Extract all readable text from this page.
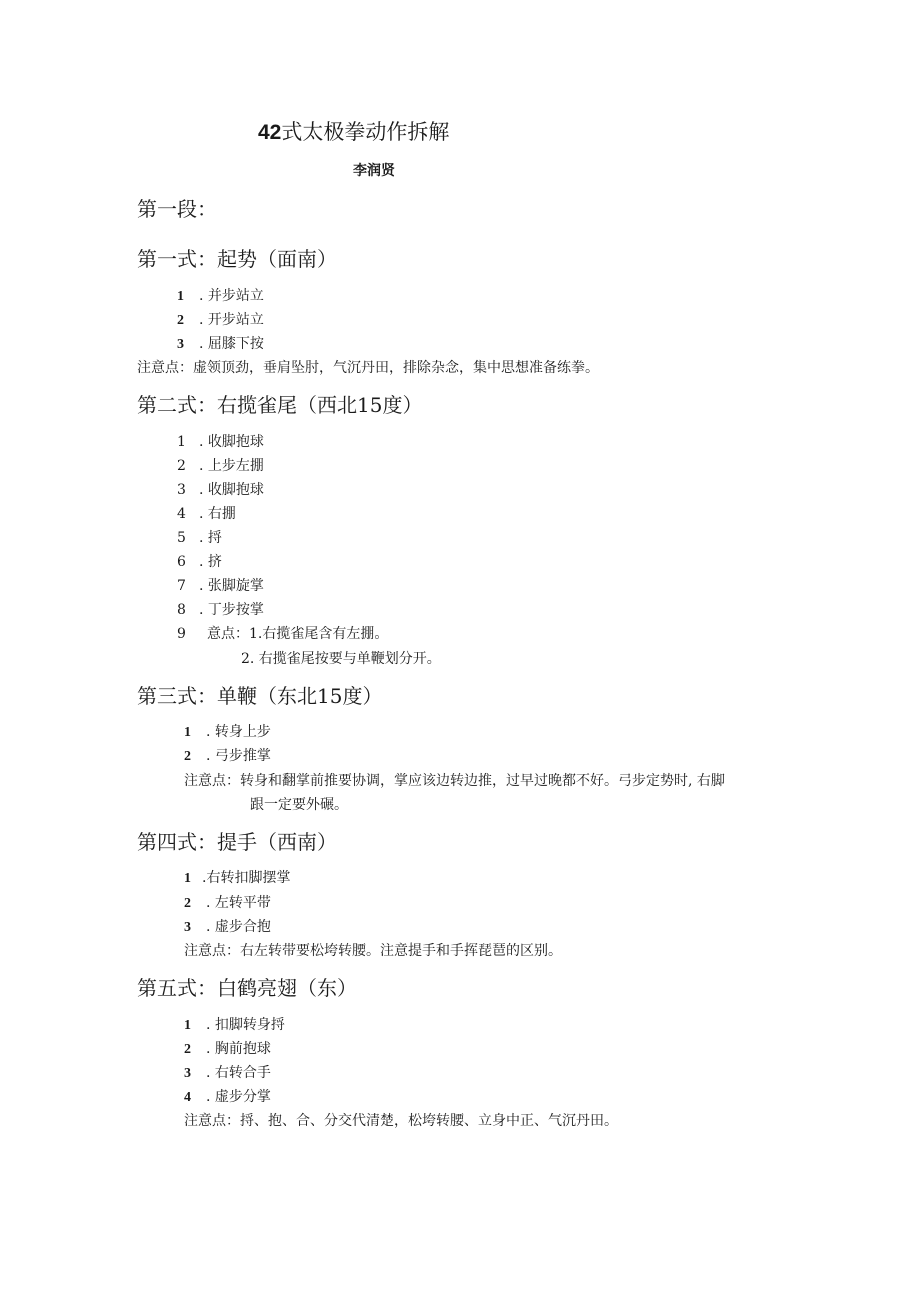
42式太极拳动作拆解
李润贤
第一段：
第一式：起势（面南）
1 . 并步站立
2 . 开步站立
3 . 屈膝下按
注意点：虚领顶劲，垂肩坠肘，气沉丹田，排除杂念，集中思想准备练拳。
第二式：右揽雀尾（西北15度）
1 . 收脚抱球
2 . 上步左掤
3 . 收脚抱球
4 . 右掤
5 . 捋
6 . 挤
7 . 张脚旋掌
8 . 丁步按掌
9 意点：1.右揽雀尾含有左掤。
2. 右揽雀尾按要与单鞭划分开。
第三式：单鞭（东北15度）
1 . 转身上步
2 . 弓步推掌
注意点：转身和翻掌前推要协调，掌应该边转边推，过早过晚都不好。弓步定势时, 右脚
跟一定要外碾。
第四式：提手（西南）
1 .右转扣脚摆掌
2 . 左转平带
3 . 虚步合抱
注意点：右左转带要松垮转腰。注意提手和手挥琵琶的区别。
第五式：白鹤亮翅（东）
1 . 扣脚转身捋
2 . 胸前抱球
3 . 右转合手
4 . 虚步分掌
注意点：捋、抱、合、分交代清楚，松垮转腰、立身中正、气沉丹田。
